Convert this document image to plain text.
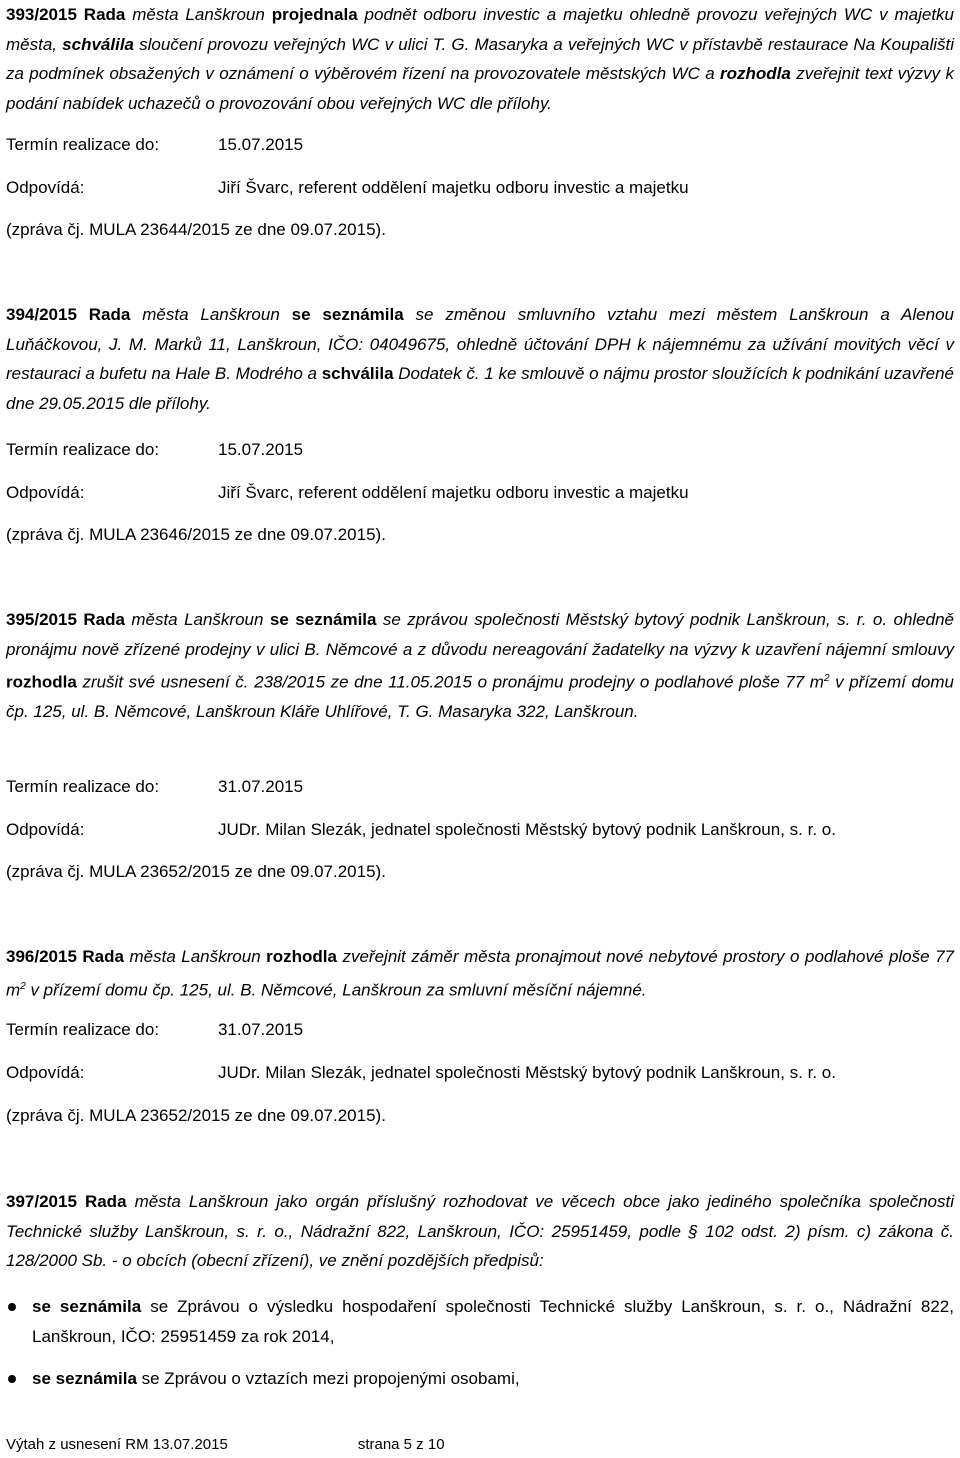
393/2015 Rada města Lanškroun projednala podnět odboru investic a majetku ohledně provozu veřejných WC v majetku města, schválila sloučení provozu veřejných WC v ulici T. G. Masaryka a veřejných WC v přístavbě restaurace Na Koupališti za podmínek obsažených v oznámení o výběrovém řízení na provozovatele městských WC a rozhodla zveřejnit text výzvy k podání nabídek uchazečů o provozování obou veřejných WC dle přílohy.

Termín realizace do:	15.07.2015
Odpovídá:	Jiří Švarc, referent oddělení majetku odboru investic a majetku
(zpráva čj. MULA 23644/2015 ze dne 09.07.2015).

394/2015 Rada města Lanškroun se seznámila se změnou smluvního vztahu mezi městem Lanškroun a Alenou Luňáčkovou, J. M. Marků 11, Lanškroun, IČO: 04049675, ohledně účtování DPH k nájemnému za užívání movitých věcí v restauraci a bufetu na Hale B. Modrého a schválila Dodatek č. 1 ke smlouvě o nájmu prostor sloužících k podnikání uzavřené dne 29.05.2015 dle přílohy.

Termín realizace do:	15.07.2015
Odpovídá:	Jiří Švarc, referent oddělení majetku odboru investic a majetku
(zpráva čj. MULA 23646/2015 ze dne 09.07.2015).

395/2015 Rada města Lanškroun se seznámila se zprávou společnosti Městský bytový podnik Lanškroun, s. r. o. ohledně pronájmu nově zřízené prodejny v ulici B. Němcové a z důvodu nereagování žadatelky na výzvy k uzavření nájemní smlouvy rozhodla zrušit své usnesení č. 238/2015 ze dne 11.05.2015 o pronájmu prodejny o podlahové ploše 77 $m^2$ v přízemí domu čp. 125, ul. B. Němcové, Lanškroun Kláře Uhlířové, T. G. Masaryka 322, Lanškroun.

Termín realizace do:	31.07.2015
Odpovídá:	JUDr. Milan Slezák, jednatel společnosti Městský bytový podnik Lanškroun, s. r. o.
(zpráva čj. MULA 23652/2015 ze dne 09.07.2015).

396/2015 Rada města Lanškroun rozhodla zveřejnit záměr města pronajmout nové nebytové prostory o podlahové ploše 77 $m^2$ v přízemí domu čp. 125, ul. B. Němcové, Lanškroun za smluvní měsíční nájemné.

Termín realizace do:	31.07.2015
Odpovídá:	JUDr. Milan Slezák, jednatel společnosti Městský bytový podnik Lanškroun, s. r. o.
(zpráva čj. MULA 23652/2015 ze dne 09.07.2015).

397/2015 Rada města Lanškroun jako orgán příslušný rozhodovat ve věcech obce jako jediného společníka společnosti Technické služby Lanškroun, s. r. o., Nádražní 822, Lanškroun, IČO: 25951459, podle § 102 odst. 2) písm. c) zákona č. 128/2000 Sb. - o obcích (obecní zřízení), ve znění pozdějších předpisů:

se seznámila se Zprávou o výsledku hospodaření společnosti Technické služby Lanškroun, s. r. o., Nádražní 822, Lanškroun, IČO: 25951459 za rok 2014,
se seznámila se Zprávou o vztazích mezi propojenými osobami,
Výtah z usnesení RM 13.07.2015	strana 5 z 10
